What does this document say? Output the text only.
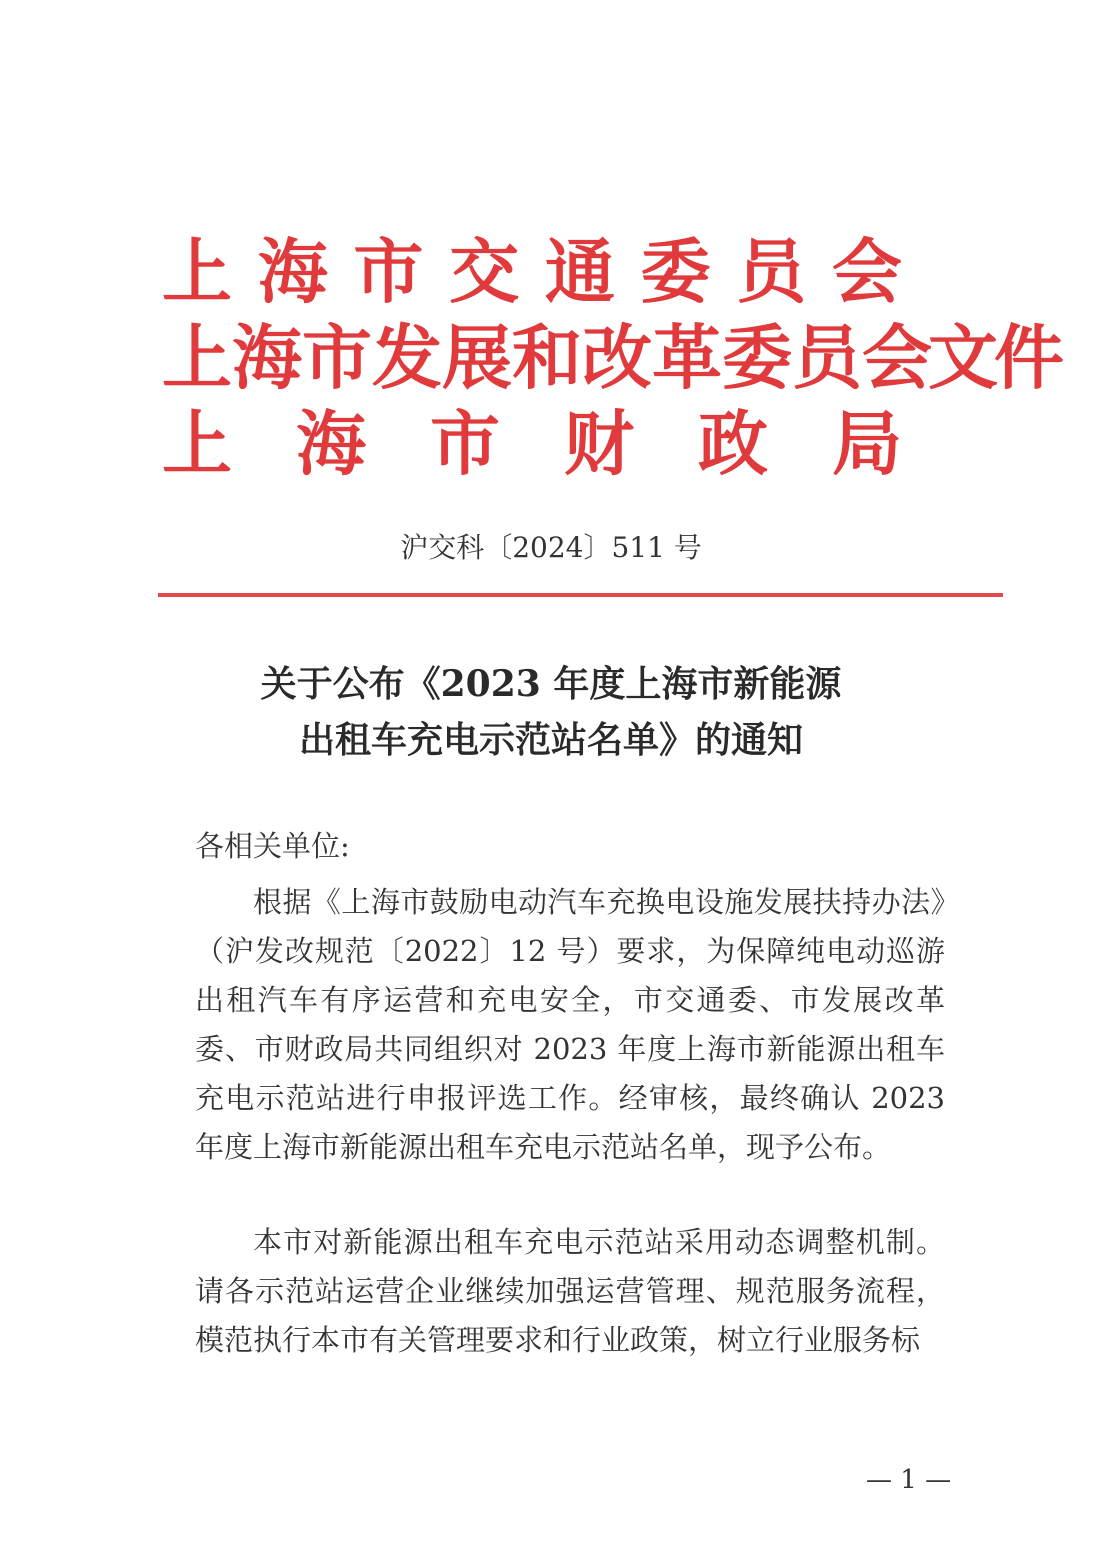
上 海 市 交 通 委 员 会
上 海 市 发 展 和 改 革 委 员 会
文件
上 海 市 财 政 局
沪交科〔2024〕511 号
关于公布《2023 年度上海市新能源
出租车充电示范站名单》的通知
各相关单位:
根据《上海市鼓励电动汽车充换电设施发展扶持办法》（沪发改规范〔2022〕12 号）要求，为保障纯电动巡游出租汽车有序运营和充电安全，市交通委、市发展改革委、市财政局共同组织对 2023 年度上海市新能源出租车充电示范站进行申报评选工作。经审核，最终确认 2023 年度上海市新能源出租车充电示范站名单，现予公布。
本市对新能源出租车充电示范站采用动态调整机制。请各示范站运营企业继续加强运营管理、规范服务流程，模范执行本市有关管理要求和行业政策，树立行业服务标
— 1 —
